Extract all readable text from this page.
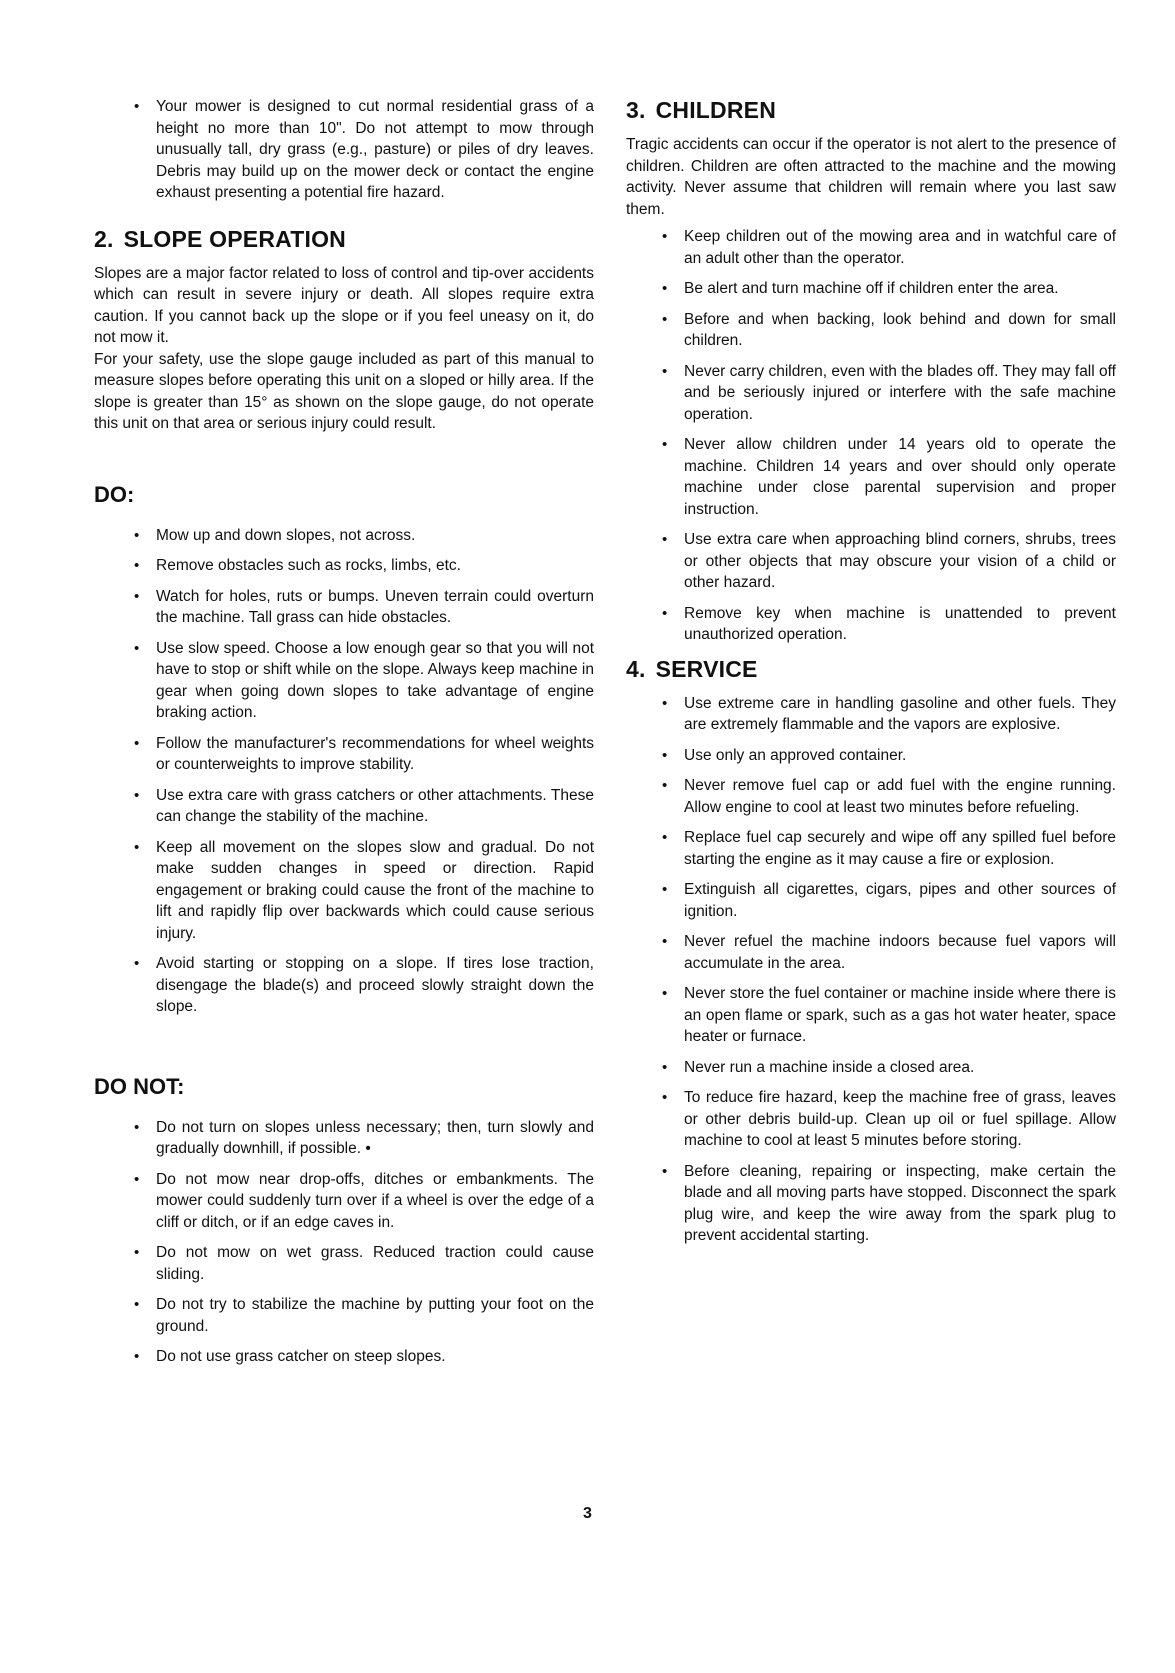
• Your mower is designed to cut normal residential grass of a height no more than 10". Do not attempt to mow through unusually tall, dry grass (e.g., pasture) or piles of dry leaves. Debris may build up on the mower deck or contact the engine exhaust presenting a potential fire hazard.
2. SLOPE OPERATION

Slopes are a major factor related to loss of control and tip-over accidents which can result in severe injury or death. All slopes require extra caution. If you cannot back up the slope or if you feel uneasy on it, do not mow it.

For your safety, use the slope gauge included as part of this manual to measure slopes before operating this unit on a sloped or hilly area. If the slope is greater than 15° as shown on the slope gauge, do not operate this unit on that area or serious injury could result.

DO:
• Mow up and down slopes, not across.
• Remove obstacles such as rocks, limbs, etc.
• Watch for holes, ruts or bumps. Uneven terrain could overturn the machine. Tall grass can hide obstacles.
• Use slow speed. Choose a low enough gear so that you will not have to stop or shift while on the slope. Always keep machine in gear when going down slopes to take advantage of engine braking action.
• Follow the manufacturer's recommendations for wheel weights or counterweights to improve stability.
• Use extra care with grass catchers or other attachments. These can change the stability of the machine.
• Keep all movement on the slopes slow and gradual. Do not make sudden changes in speed or direction. Rapid engagement or braking could cause the front of the machine to lift and rapidly flip over backwards which could cause serious injury.
• Avoid starting or stopping on a slope. If tires lose traction, disengage the blade(s) and proceed slowly straight down the slope.
DO NOT:
• Do not turn on slopes unless necessary; then, turn slowly and gradually downhill, if possible. •
• Do not mow near drop-offs, ditches or embankments. The mower could suddenly turn over if a wheel is over the edge of a cliff or ditch, or if an edge caves in.
• Do not mow on wet grass. Reduced traction could cause sliding.
• Do not try to stabilize the machine by putting your foot on the ground.
• Do not use grass catcher on steep slopes.
3. CHILDREN

Tragic accidents can occur if the operator is not alert to the presence of children. Children are often attracted to the machine and the mowing activity. Never assume that children will remain where you last saw them.

• Keep children out of the mowing area and in watchful care of an adult other than the operator.
• Be alert and turn machine off if children enter the area.
• Before and when backing, look behind and down for small children.
• Never carry children, even with the blades off. They may fall off and be seriously injured or interfere with the safe machine operation.
• Never allow children under 14 years old to operate the machine. Children 14 years and over should only operate machine under close parental supervision and proper instruction.
• Use extra care when approaching blind corners, shrubs, trees or other objects that may obscure your vision of a child or other hazard.
• Remove key when machine is unattended to prevent unauthorized operation.
4. SERVICE
• Use extreme care in handling gasoline and other fuels. They are extremely flammable and the vapors are explosive.
• Use only an approved container.
• Never remove fuel cap or add fuel with the engine running. Allow engine to cool at least two minutes before refueling.
• Replace fuel cap securely and wipe off any spilled fuel before starting the engine as it may cause a fire or explosion.
• Extinguish all cigarettes, cigars, pipes and other sources of ignition.
• Never refuel the machine indoors because fuel vapors will accumulate in the area.
• Never store the fuel container or machine inside where there is an open flame or spark, such as a gas hot water heater, space heater or furnace.
• Never run a machine inside a closed area.
• To reduce fire hazard, keep the machine free of grass, leaves or other debris build-up. Clean up oil or fuel spillage. Allow machine to cool at least 5 minutes before storing.
• Before cleaning, repairing or inspecting, make certain the blade and all moving parts have stopped. Disconnect the spark plug wire, and keep the wire away from the spark plug to prevent accidental starting.
3
